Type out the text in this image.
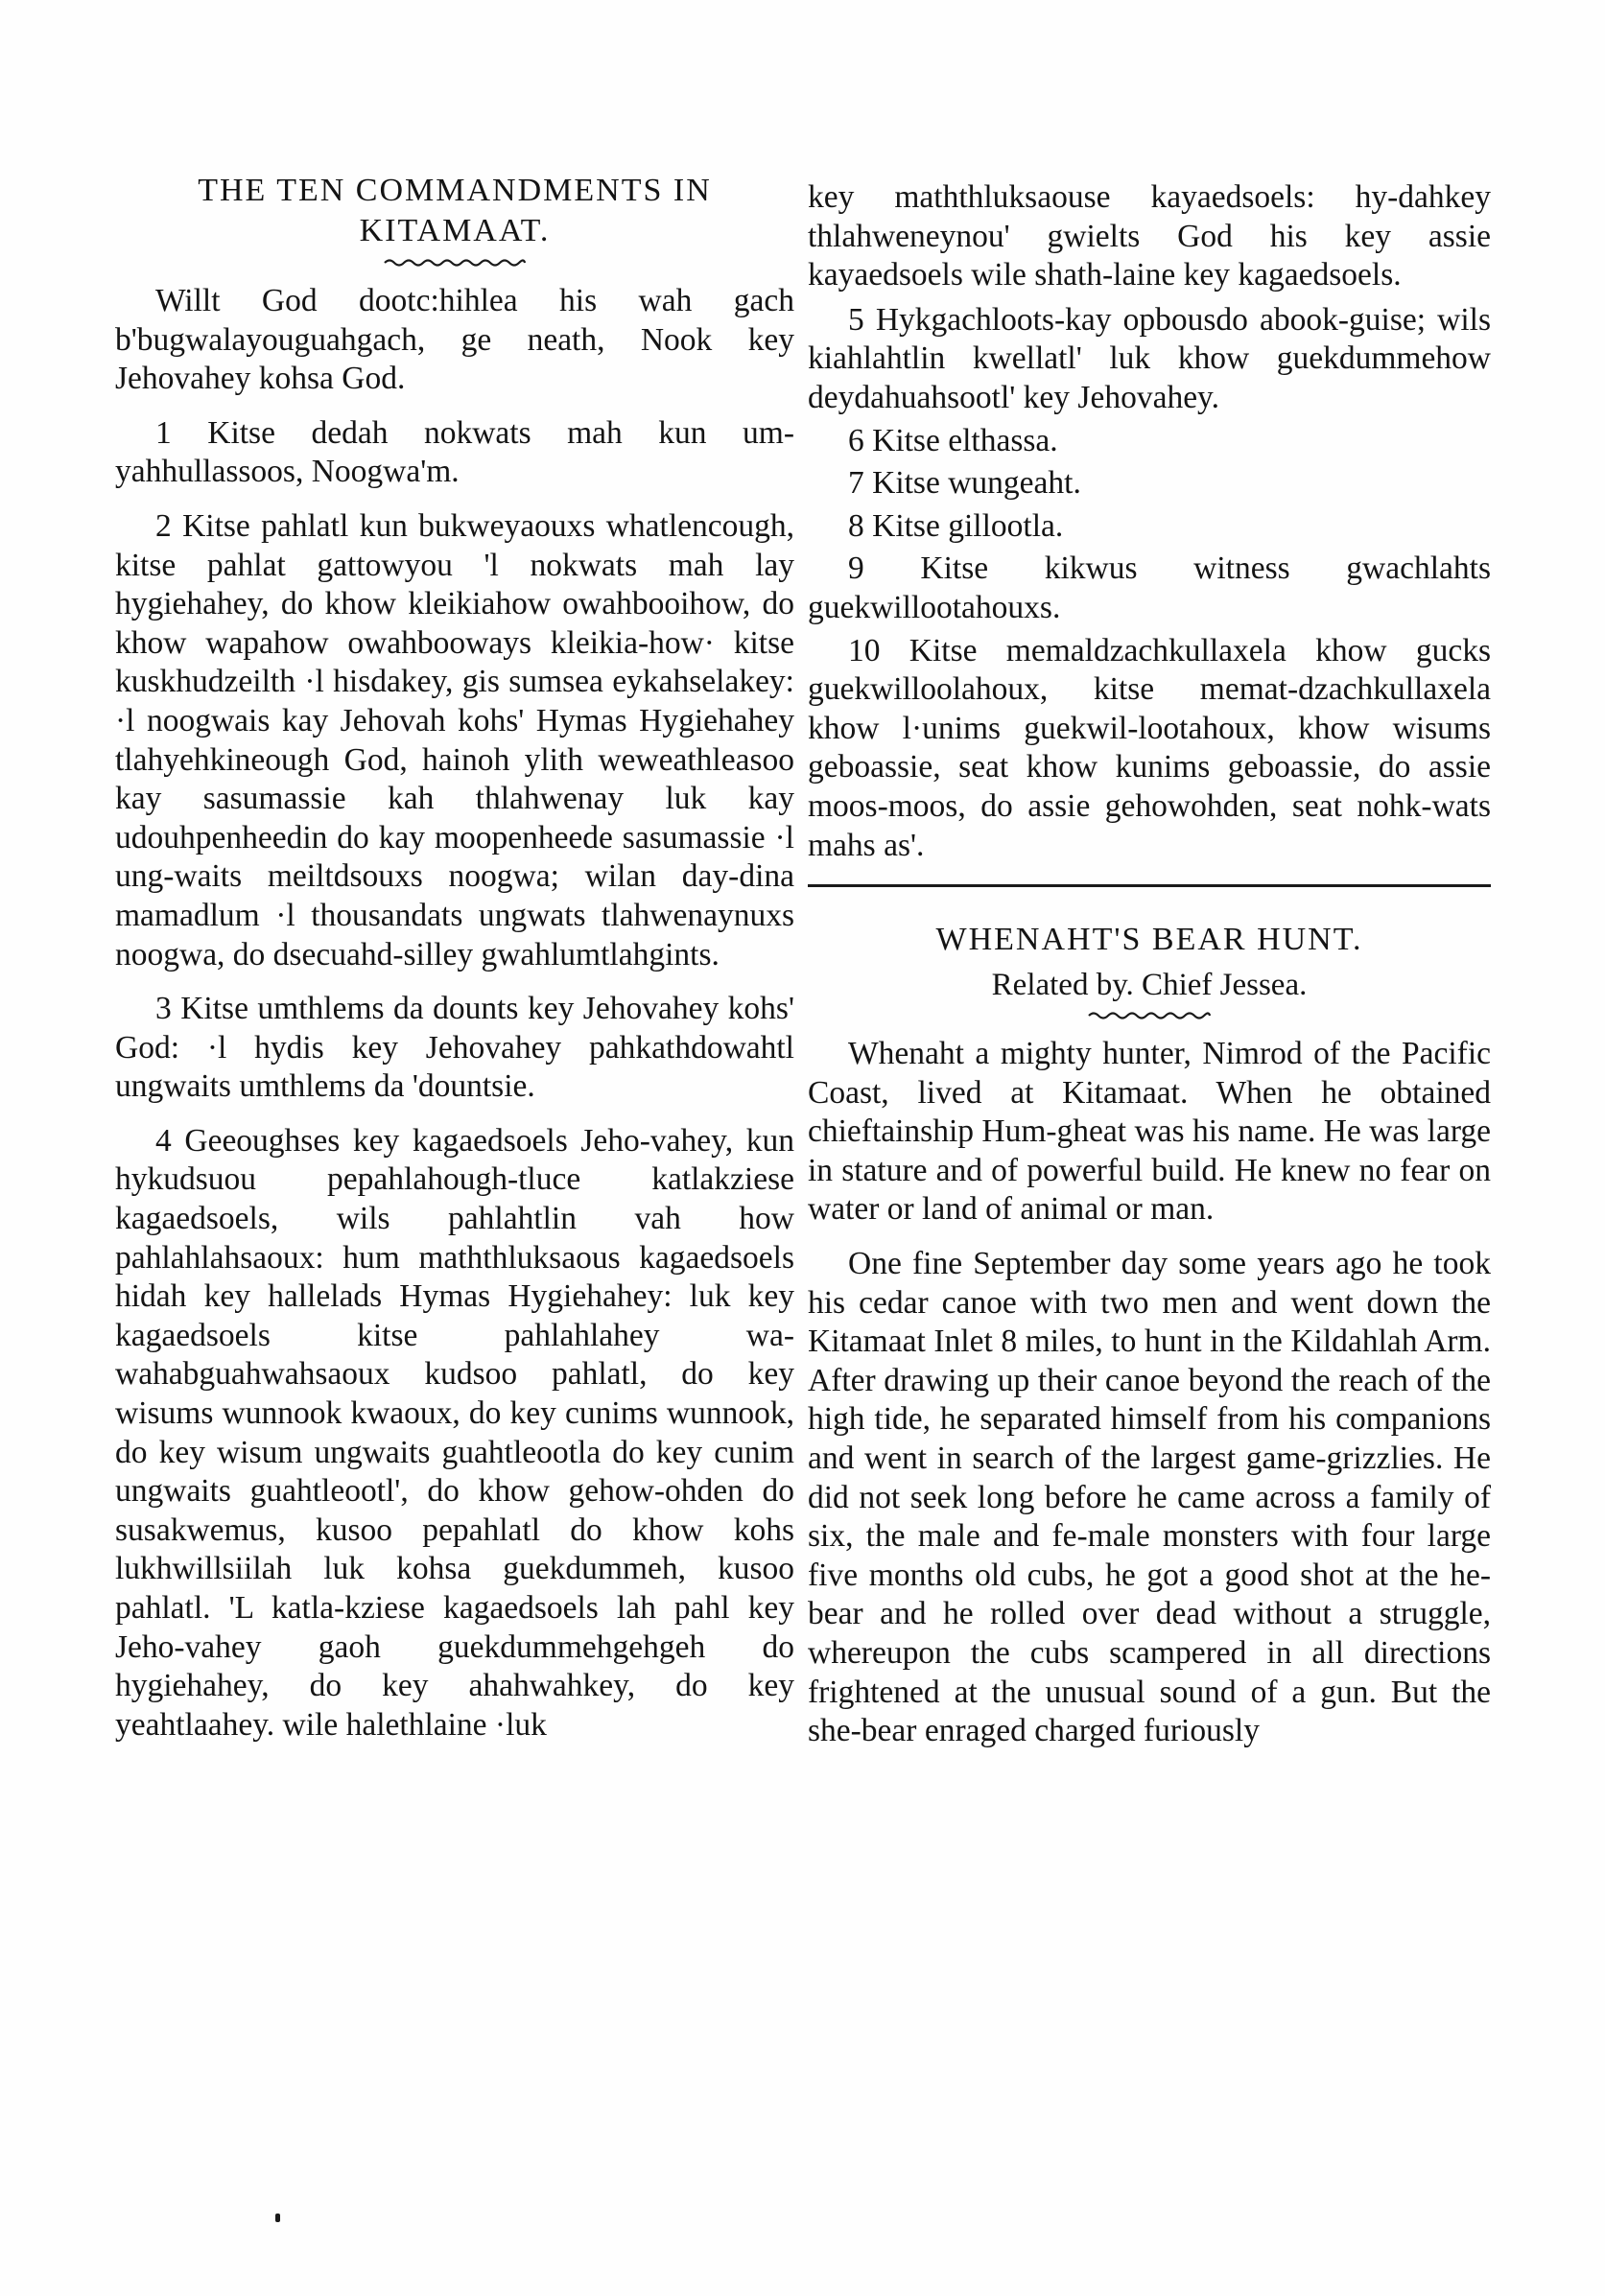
THE TEN COMMANDMENTS IN
KITAMAAT.

Willt God dootc:hihlea his wah gach b'bugwalayouguahgach, ge neath, Nook key Jehovahey kohsa God.

1 Kitse dedah nokwats mah kun um-yahhullassoos, Noogwa'm.

2 Kitse pahlatl kun bukweyaouxs whatlencough, kitse pahlat gattowyou 'l nokwats mah lay hygiehahey, do khow kleikiahow owahbooihow, do khow wapahow owahbooways kleikia-how· kitse kuskhudzeilth ·l hisdakey, gis sumsea eykahselakey: ·l noogwais kay Jehovah kohs' Hymas Hygiehahey tlahyehkineough God, hainoh ylith weweathleasoo kay sasumassie kah thlahwenay luk kay udouhpenheedin do kay moopenheede sasumassie ·l ung-waits meiltdsouxs noogwa; wilan day-dina mamadlum ·l thousandats ungwats tlahwenaynuxs noogwa, do dsecuahd-silley gwahlumtlahgints.

3 Kitse umthlems da dounts key Jehovahey kohs' God: ·l hydis key Jehovahey pahkathdowahtl ungwaits umthlems da 'dountsie.

4 Geeoughses key kagaedsoels Jeho-vahey, kun hykudsuou pepahlahough-tluce katlakziese kagaedsoels, wils pahlahtlin vah how pahlahlahsaoux: hum maththluksaous kagaedsoels hidah key hallelads Hymas Hygiehahey: luk key kagaedsoels kitse pahlahlahey wa-wahabguahwahsaoux kudsoo pahlatl, do key wisums wunnook kwaoux, do key cunims wunnook, do key wisum ungwaits guahtleootla do key cunim ungwaits guahtleootl', do khow gehow-ohden do susakwemus, kusoo pepahlatl do khow kohs lukhwillsiilah luk kohsa guekdummeh, kusoo pahlatl. 'L katla-kziese kagaedsoels lah pahl key Jeho-vahey gaoh guekdummehgehgeh do hygiehahey, do key ahahwahkey, do key yeahtlaahey. wile halethlaine ·luk

key maththluksaouse kayaedsoels: hy-dahkey thlahweneynou' gwielts God his key assie kayaedsoels wile shath-laine key kagaedsoels.

5 Hykgachloots-kay opbousdo abook-guise; wils kiahlahtlin kwellatl' luk khow guekdummehow deydahuahsootl' key Jehovahey.

6 Kitse elthassa.

7 Kitse wungeaht.

8 Kitse gillootla.

9 Kitse kikwus witness gwachlahts guekwillootahouxs.

10 Kitse memaldzachkullaxela khow gucks guekwilloolahoux, kitse memat-dzachkullaxela khow l·unims guekwil-lootahoux, khow wisums geboassie, seat khow kunims geboassie, do assie moos-moos, do assie gehowohden, seat nohk-wats mahs as'.

WHENAHT'S BEAR HUNT.
Related by. Chief Jessea.

Whenaht a mighty hunter, Nimrod of the Pacific Coast, lived at Kitamaat. When he obtained chieftainship Hum-gheat was his name. He was large in stature and of powerful build. He knew no fear on water or land of animal or man.

One fine September day some years ago he took his cedar canoe with two men and went down the Kitamaat Inlet 8 miles, to hunt in the Kildahlah Arm. After drawing up their canoe beyond the reach of the high tide, he separated himself from his companions and went in search of the largest game-grizzlies. He did not seek long before he came across a family of six, the male and fe-male monsters with four large five months old cubs, he got a good shot at the he-bear and he rolled over dead without a struggle, whereupon the cubs scampered in all directions frightened at the unusual sound of a gun. But the she-bear enraged charged furiously
